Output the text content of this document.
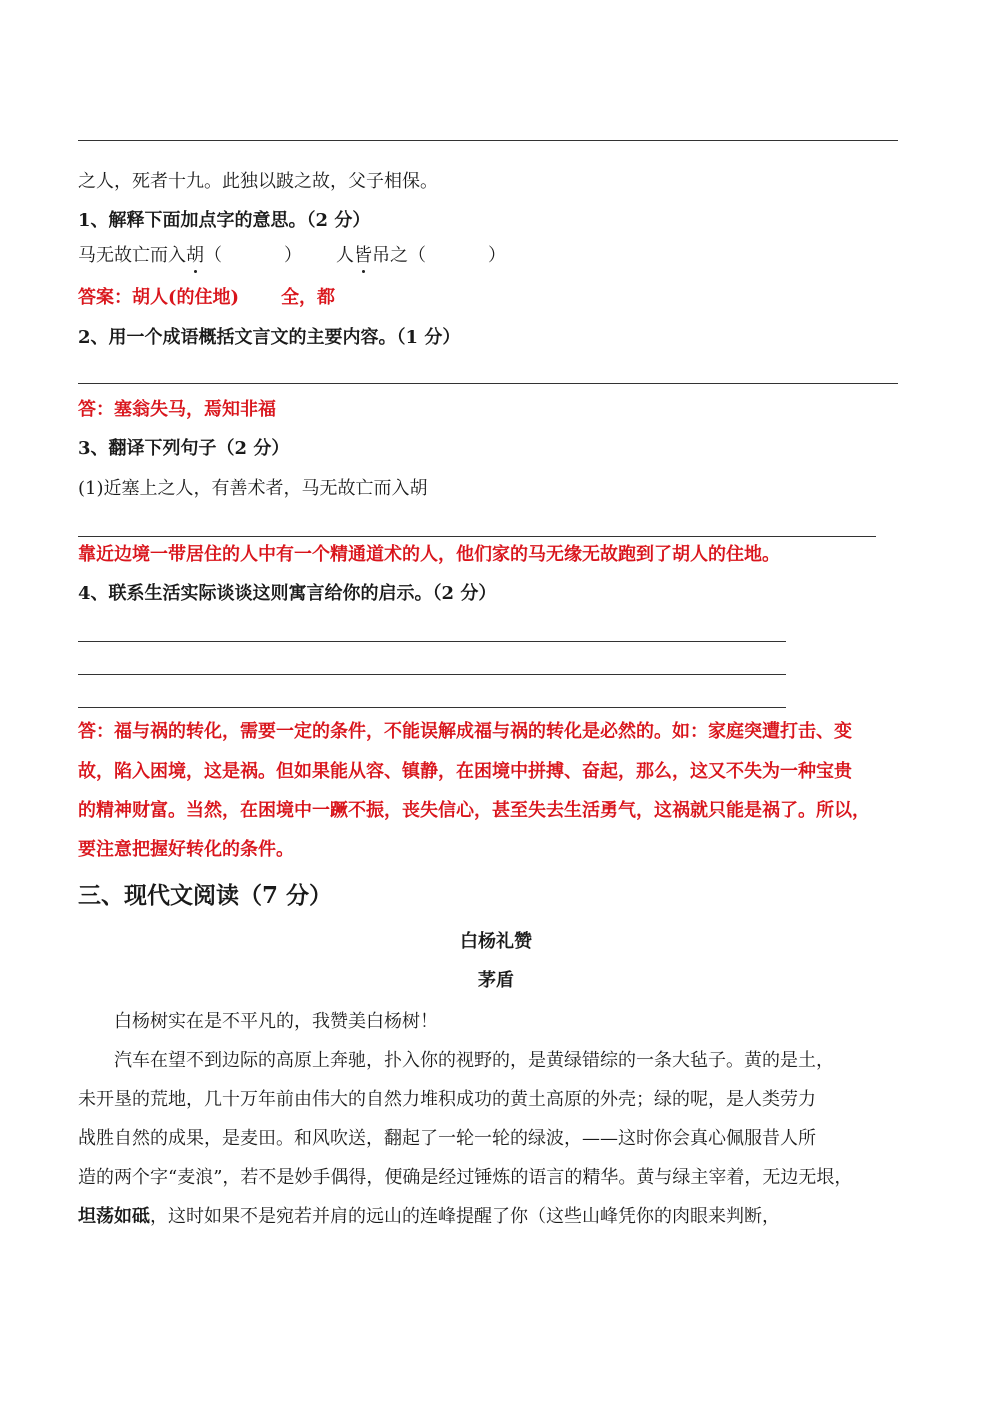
之人，死者十九。此独以跛之故，父子相保。
1、解释下面加点字的意思。（2 分）
马无故亡而入胡（	） 人皆吊之（	）
答案：胡人(的住地) 全，都
2、用一个成语概括文言文的主要内容。（1 分）
答：塞翁失马，焉知非福
3、翻译下列句子（2 分）
(1)近塞上之人，有善术者，马无故亡而入胡
靠近边境一带居住的人中有一个精通道术的人，他们家的马无缘无故跑到了胡人的住地。
4、联系生活实际谈谈这则寓言给你的启示。（2 分）
答：福与祸的转化，需要一定的条件，不能误解成福与祸的转化是必然的。如：家庭突遭打击、变
故，陷入困境，这是祸。但如果能从容、镇静，在困境中拼搏、奋起，那么，这又不失为一种宝贵
的精神财富。当然，在困境中一蹶不振，丧失信心，甚至失去生活勇气，这祸就只能是祸了。所以，
要注意把握好转化的条件。
三、现代文阅读（7 分）
白杨礼赞
茅盾
白杨树实在是不平凡的，我赞美白杨树！
汽车在望不到边际的高原上奔驰，扑入你的视野的，是黄绿错综的一条大毡子。黄的是土，
未开垦的荒地，几十万年前由伟大的自然力堆积成功的黄土高原的外壳；绿的呢，是人类劳力
战胜自然的成果，是麦田。和风吹送，翻起了一轮一轮的绿波，——这时你会真心佩服昔人所
造的两个字“麦浪”，若不是妙手偶得，便确是经过锤炼的语言的精华。黄与绿主宰着，无边无垠，
坦荡如砥，这时如果不是宛若并肩的远山的连峰提醒了你（这些山峰凭你的肉眼来判断，
